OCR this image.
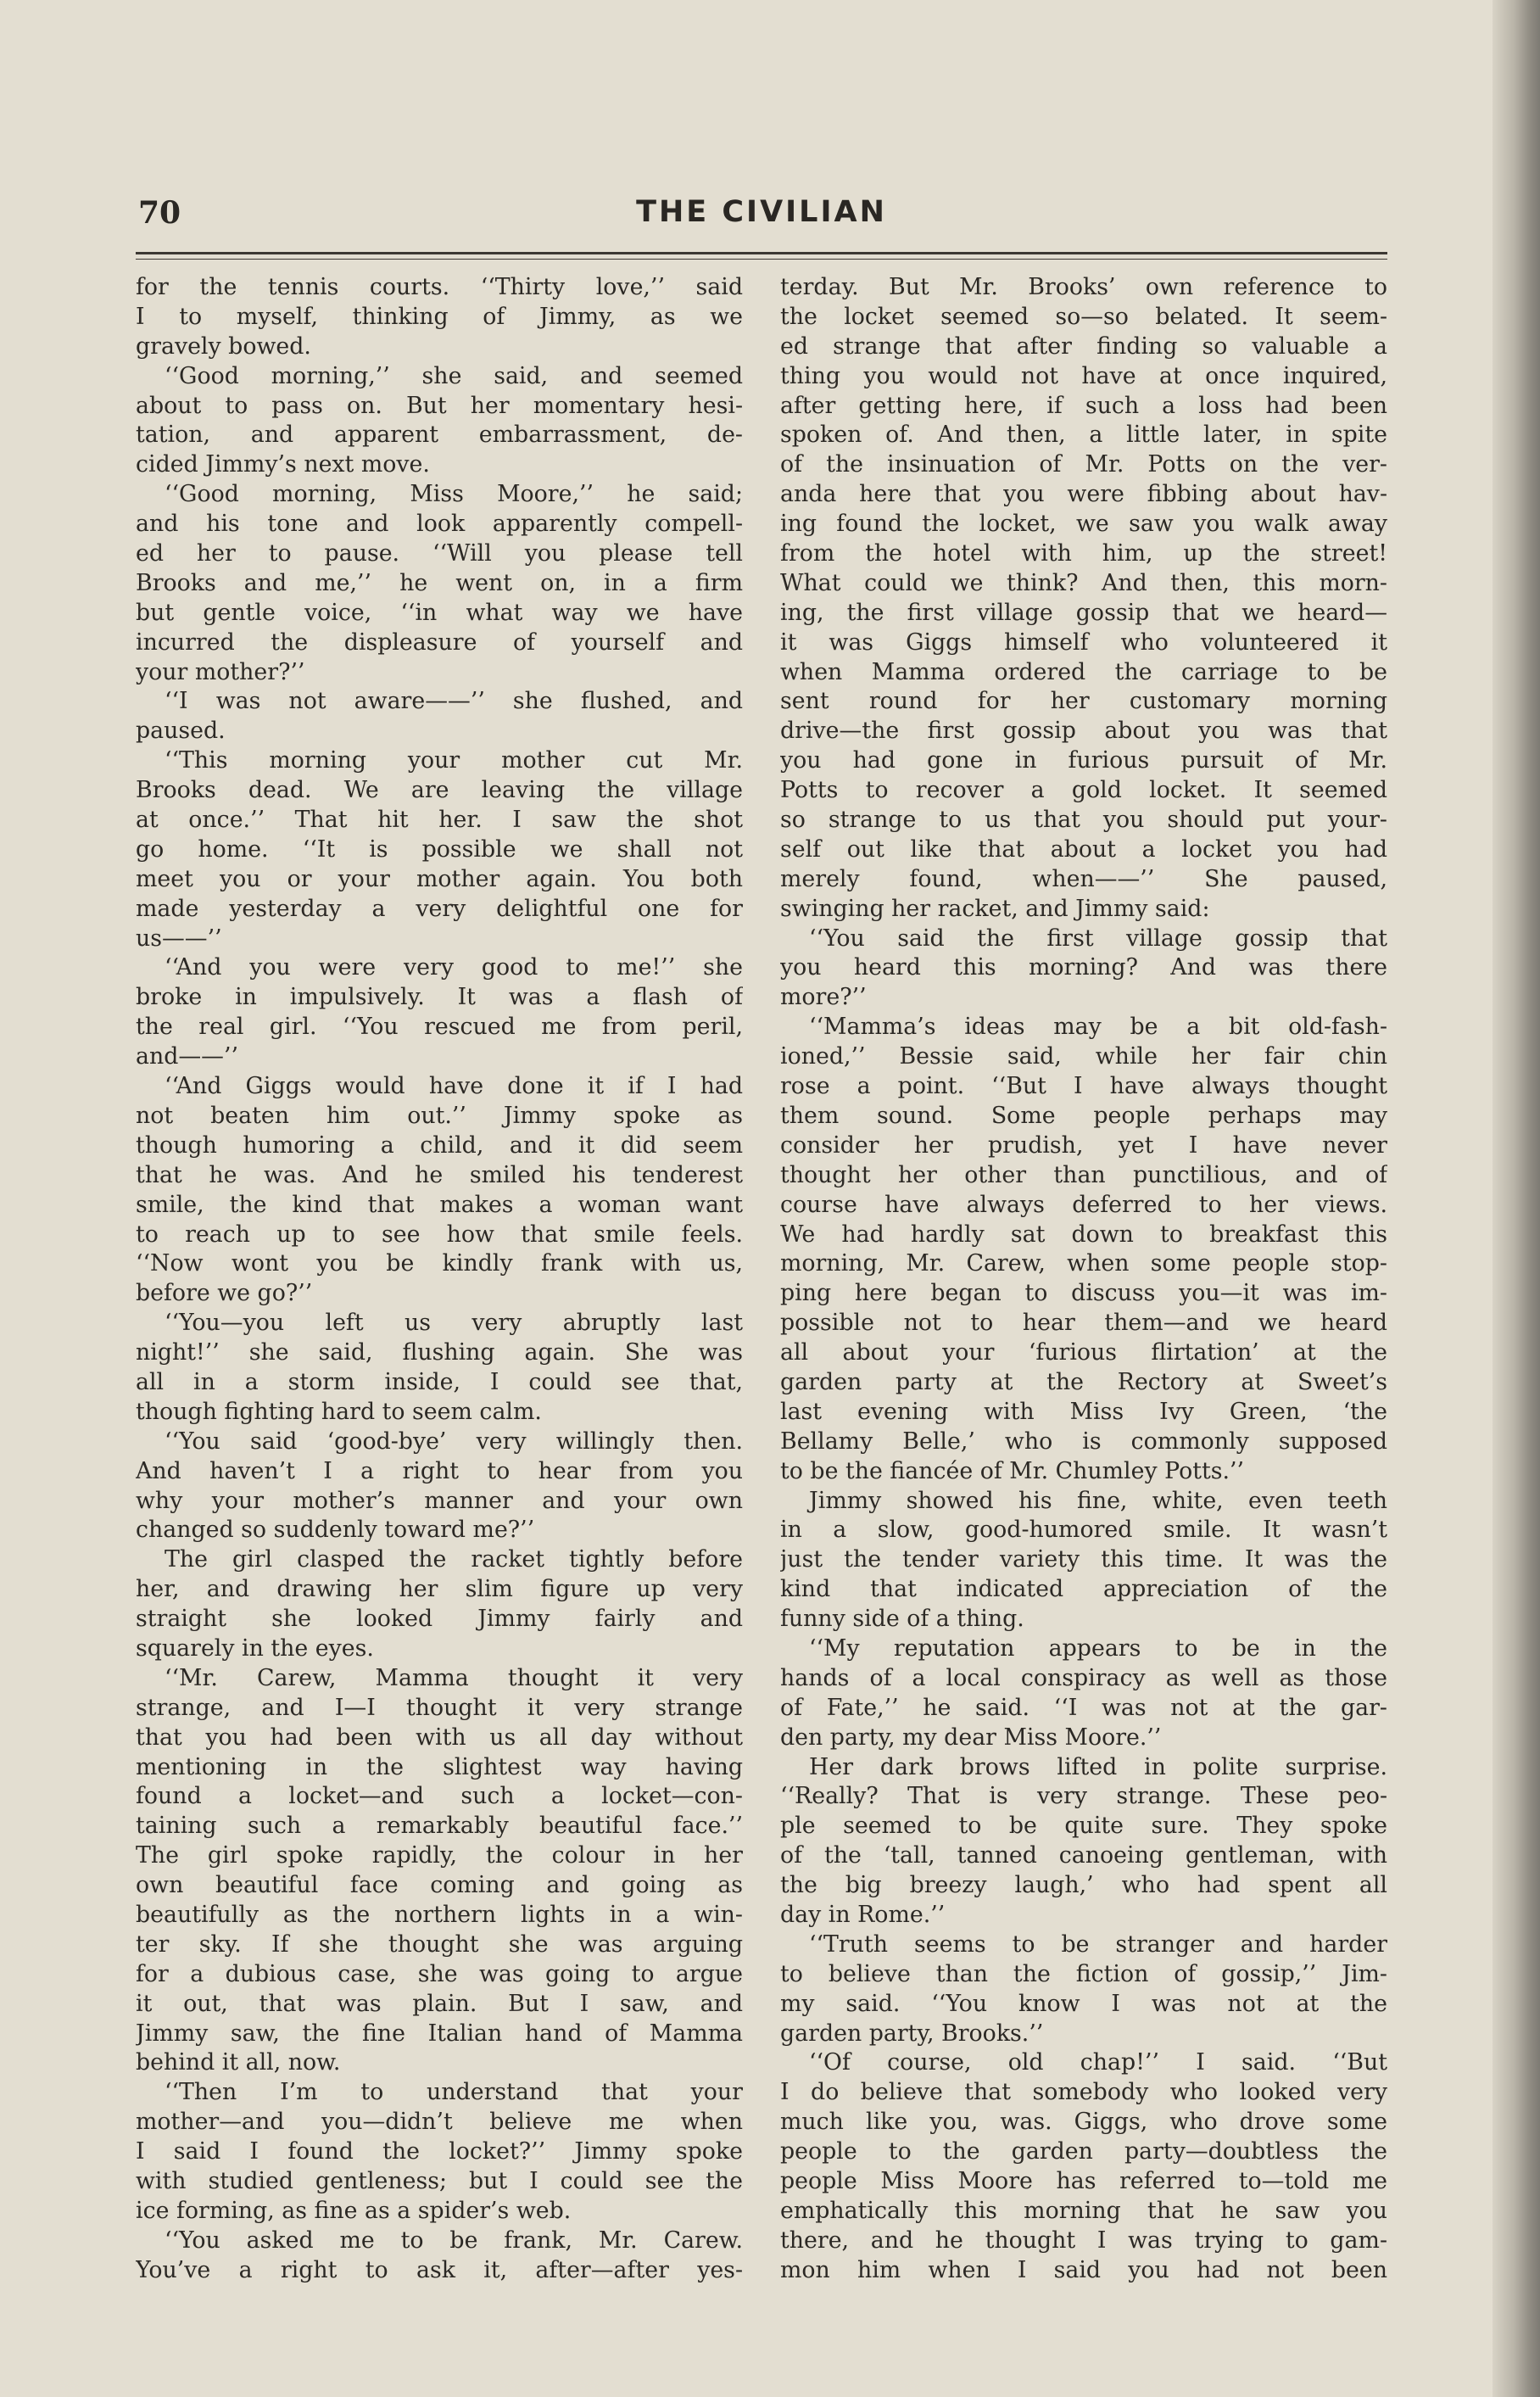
70	THE CIVILIAN
for the tennis courts. ‘‘Thirty love,’’ said
I to myself, thinking of Jimmy, as we
gravely bowed.
‘‘Good morning,’’ she said, and seemed
about to pass on. But her momentary hesi-
tation, and apparent embarrassment, de-
cided Jimmy’s next move.
‘‘Good morning, Miss Moore,’’ he said;
and his tone and look apparently compell-
ed her to pause. ‘‘Will you please tell
Brooks and me,’’ he went on, in a firm
but gentle voice, ‘‘in what way we have
incurred the displeasure of yourself and
your mother?’’
‘‘I was not aware——’’ she flushed, and
paused.
‘‘This morning your mother cut Mr.
Brooks dead. We are leaving the village
at once.’’ That hit her. I saw the shot
go home. ‘‘It is possible we shall not
meet you or your mother again. You both
made yesterday a very delightful one for
us——’’
‘‘And you were very good to me!’’ she
broke in impulsively. It was a flash of
the real girl. ‘‘You rescued me from peril,
and——’’
‘‘And Giggs would have done it if I had
not beaten him out.’’ Jimmy spoke as
though humoring a child, and it did seem
that he was. And he smiled his tenderest
smile, the kind that makes a woman want
to reach up to see how that smile feels.
‘‘Now wont you be kindly frank with us,
before we go?’’
‘‘You—you left us very abruptly last
night!’’ she said, flushing again. She was
all in a storm inside, I could see that,
though fighting hard to seem calm.
‘‘You said ‘good-bye’ very willingly then.
And haven’t I a right to hear from you
why your mother’s manner and your own
changed so suddenly toward me?’’
The girl clasped the racket tightly before
her, and drawing her slim figure up very
straight she looked Jimmy fairly and
squarely in the eyes.
‘‘Mr. Carew, Mamma thought it very
strange, and I—I thought it very strange
that you had been with us all day without
mentioning in the slightest way having
found a locket—and such a locket—con-
taining such a remarkably beautiful face.’’
The girl spoke rapidly, the colour in her
own beautiful face coming and going as
beautifully as the northern lights in a win-
ter sky. If she thought she was arguing
for a dubious case, she was going to argue
it out, that was plain. But I saw, and
Jimmy saw, the fine Italian hand of Mamma
behind it all, now.
‘‘Then I’m to understand that your
mother—and you—didn’t believe me when
I said I found the locket?’’ Jimmy spoke
with studied gentleness; but I could see the
ice forming, as fine as a spider’s web.
‘‘You asked me to be frank, Mr. Carew.
You’ve a right to ask it, after—after yes-
terday. But Mr. Brooks’ own reference to
the locket seemed so—so belated. It seem-
ed strange that after finding so valuable a
thing you would not have at once inquired,
after getting here, if such a loss had been
spoken of. And then, a little later, in spite
of the insinuation of Mr. Potts on the ver-
anda here that you were fibbing about hav-
ing found the locket, we saw you walk away
from the hotel with him, up the street!
What could we think? And then, this morn-
ing, the first village gossip that we heard—
it was Giggs himself who volunteered it
when Mamma ordered the carriage to be
sent round for her customary morning
drive—the first gossip about you was that
you had gone in furious pursuit of Mr.
Potts to recover a gold locket. It seemed
so strange to us that you should put your-
self out like that about a locket you had
merely found, when——’’ She paused,
swinging her racket, and Jimmy said:
‘‘You said the first village gossip that
you heard this morning? And was there
more?’’
‘‘Mamma’s ideas may be a bit old-fash-
ioned,’’ Bessie said, while her fair chin
rose a point. ‘‘But I have always thought
them sound. Some people perhaps may
consider her prudish, yet I have never
thought her other than punctilious, and of
course have always deferred to her views.
We had hardly sat down to breakfast this
morning, Mr. Carew, when some people stop-
ping here began to discuss you—it was im-
possible not to hear them—and we heard
all about your ‘furious flirtation’ at the
garden party at the Rectory at Sweet’s
last evening with Miss Ivy Green, ‘the
Bellamy Belle,’ who is commonly supposed
to be the fiancée of Mr. Chumley Potts.’’
Jimmy showed his fine, white, even teeth
in a slow, good-humored smile. It wasn’t
just the tender variety this time. It was the
kind that indicated appreciation of the
funny side of a thing.
‘‘My reputation appears to be in the
hands of a local conspiracy as well as those
of Fate,’’ he said. ‘‘I was not at the gar-
den party, my dear Miss Moore.’’
Her dark brows lifted in polite surprise.
‘‘Really? That is very strange. These peo-
ple seemed to be quite sure. They spoke
of the ‘tall, tanned canoeing gentleman, with
the big breezy laugh,’ who had spent all
day in Rome.’’
‘‘Truth seems to be stranger and harder
to believe than the fiction of gossip,’’ Jim-
my said. ‘‘You know I was not at the
garden party, Brooks.’’
‘‘Of course, old chap!’’ I said. ‘‘But
I do believe that somebody who looked very
much like you, was. Giggs, who drove some
people to the garden party—doubtless the
people Miss Moore has referred to—told me
emphatically this morning that he saw you
there, and he thought I was trying to gam-
mon him when I said you had not been
